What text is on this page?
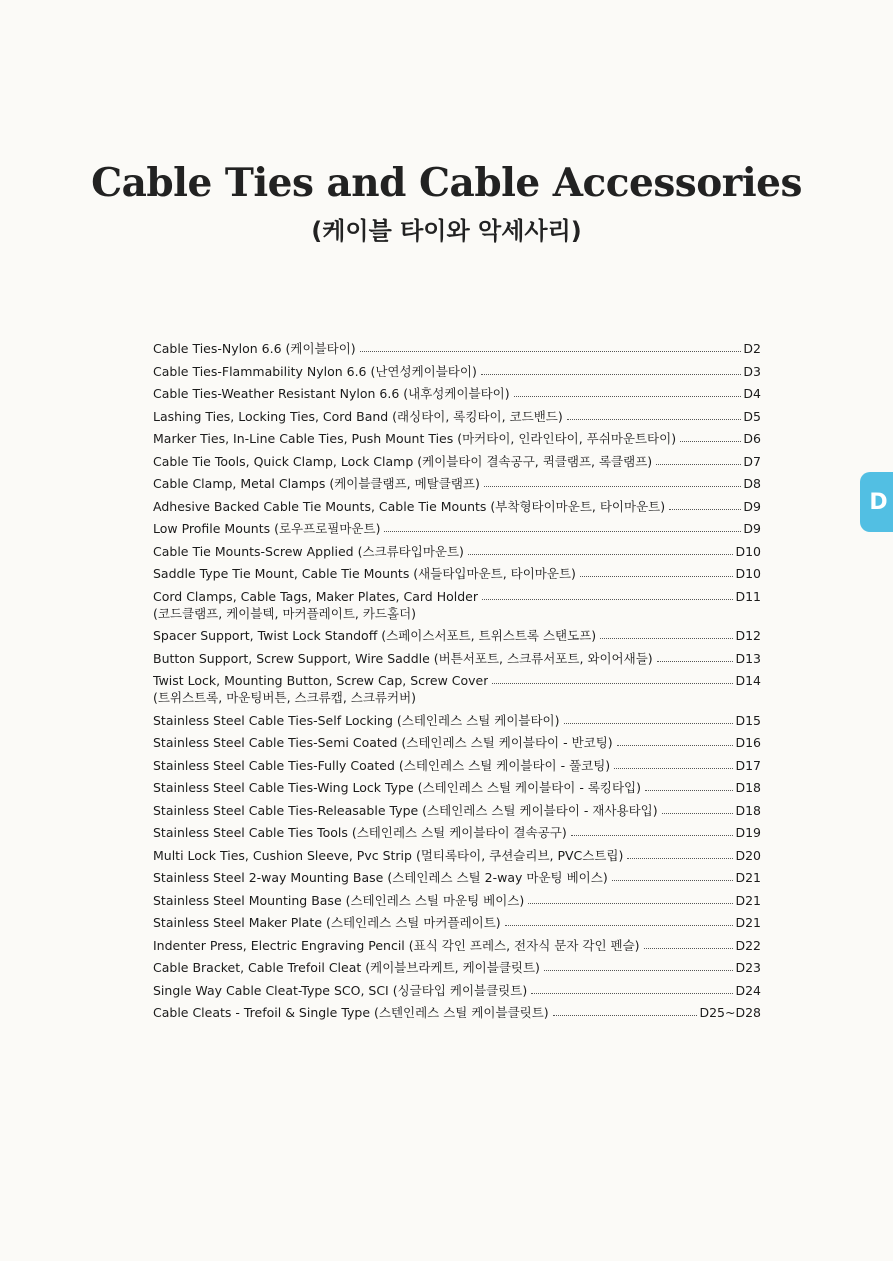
Cable Ties and Cable Accessories
(케이블 타이와 악세사리)
Cable Ties-Nylon 6.6 (케이블타이)	D2
Cable Ties-Flammability Nylon 6.6 (난연성케이블타이)	D3
Cable Ties-Weather Resistant Nylon 6.6 (내후성케이블타이)	D4
Lashing Ties, Locking Ties, Cord Band (래싱타이, 록킹타이, 코드밴드)	D5
Marker Ties, In-Line Cable Ties, Push Mount Ties (마커타이, 인라인타이, 푸쉬마운트타이)	D6
Cable Tie Tools, Quick Clamp, Lock Clamp (케이블타이 결속공구, 퀵클램프, 록클램프)	D7
Cable Clamp, Metal Clamps (케이블클램프, 메탈클램프)	D8
Adhesive Backed Cable Tie Mounts, Cable Tie Mounts (부착형타이마운트, 타이마운트)	D9
Low Profile Mounts (로우프로필마운트)	D9
Cable Tie Mounts-Screw Applied (스크류타입마운트)	D10
Saddle Type Tie Mount, Cable Tie Mounts (새들타입마운트, 타이마운트)	D10
Cord Clamps, Cable Tags, Maker Plates, Card Holder	D11
(코드클램프, 케이블텍, 마커플레이트, 카드홀더)
Spacer Support, Twist Lock Standoff (스페이스서포트, 트위스트록 스탠도프)	D12
Button Support, Screw Support, Wire Saddle (버튼서포트, 스크류서포트, 와이어새들)	D13
Twist Lock, Mounting Button, Screw Cap, Screw Cover	D14
(트위스트록, 마운팅버튼, 스크류캡, 스크류커버)
Stainless Steel Cable Ties-Self Locking (스테인레스 스틸 케이블타이)	D15
Stainless Steel Cable Ties-Semi Coated (스테인레스 스틸 케이블타이 - 반코팅)	D16
Stainless Steel Cable Ties-Fully Coated (스테인레스 스틸 케이블타이 - 풀코팅)	D17
Stainless Steel Cable Ties-Wing Lock Type (스테인레스 스틸 케이블타이 - 록킹타입)	D18
Stainless Steel Cable Ties-Releasable Type (스테인레스 스틸 케이블타이 - 재사용타입)	D18
Stainless Steel Cable Ties Tools (스테인레스 스틸 케이블타이 결속공구)	D19
Multi Lock Ties, Cushion Sleeve, Pvc Strip (멀티록타이, 쿠션슬리브, PVC스트립)	D20
Stainless Steel 2-way Mounting Base (스테인레스 스틸 2-way 마운팅 베이스)	D21
Stainless Steel Mounting Base (스테인레스 스틸 마운팅 베이스)	D21
Stainless Steel Maker Plate (스테인레스 스틸 마커플레이트)	D21
Indenter Press, Electric Engraving Pencil (표식 각인 프레스, 전자식 문자 각인 펜슬)	D22
Cable Bracket, Cable Trefoil Cleat (케이블브라케트, 케이블클릿트)	D23
Single Way Cable Cleat-Type SCO, SCI (싱글타입 케이블클릿트)	D24
Cable Cleats - Trefoil & Single Type (스텐인레스 스틸 케이블클릿트)	D25~D28
D
